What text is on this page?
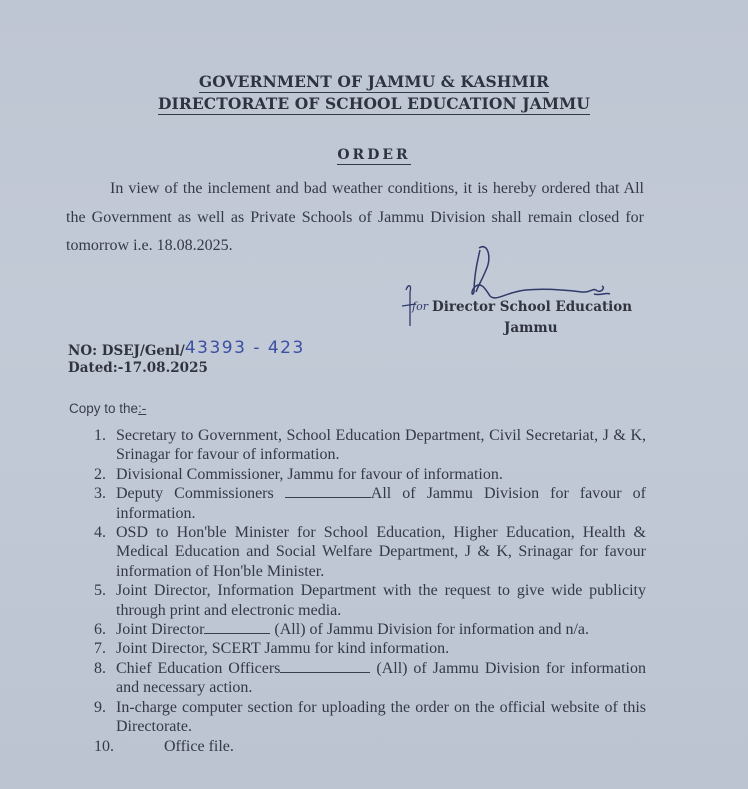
GOVERNMENT OF JAMMU & KASHMIR
DIRECTORATE OF SCHOOL EDUCATION JAMMU
ORDER
In view of the inclement and bad weather conditions, it is hereby ordered that All the Government as well as Private Schools of Jammu Division shall remain closed for tomorrow i.e. 18.08.2025.
for Director School Education
Jammu
NO: DSEJ/Genl/43393 - 423
Dated:-17.08.2025
Copy to the:-
1. Secretary to Government, School Education Department, Civil Secretariat, J & K, Srinagar for favour of information.
2. Divisional Commissioner, Jammu for favour of information.
3. Deputy Commissioners	All of Jammu Division for favour of information.
4. OSD to Hon'ble Minister for School Education, Higher Education, Health & Medical Education and Social Welfare Department, J & K, Srinagar for favour information of Hon'ble Minister.
5. Joint Director, Information Department with the request to give wide publicity through print and electronic media.
6. Joint Director	(All) of Jammu Division for information and n/a.
7. Joint Director, SCERT Jammu for kind information.
8. Chief Education Officers	(All) of Jammu Division for information and necessary action.
9. In-charge computer section for uploading the order on the official website of this Directorate.
10.	Office file.
